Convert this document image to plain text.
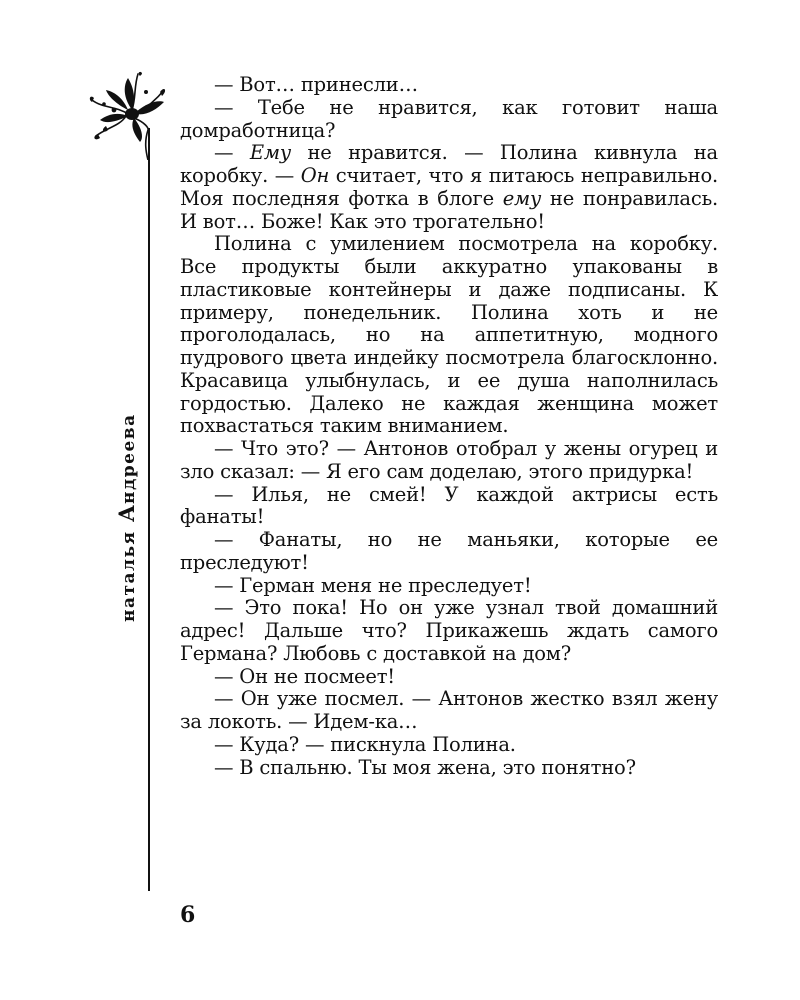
наталья Андреева

— Вот… принесли…

— Тебе не нравится, как готовит наша домработница?

— Ему не нравится. — Полина кивнула на коробку. — Он считает, что я питаюсь неправильно. Моя последняя фотка в блоге ему не понравилась. И вот… Боже! Как это трогательно!

Полина с умилением посмотрела на коробку. Все продукты были аккуратно упакованы в пластиковые контейнеры и даже подписаны. К примеру, понедельник. Полина хоть и не проголодалась, но на аппетитную, модного пудрового цвета индейку посмотрела благосклонно. Красавица улыбнулась, и ее душа наполнилась гордостью. Далеко не каждая женщина может похвастаться таким вниманием.

— Что это? — Антонов отобрал у жены огурец и зло сказал: — Я его сам доделаю, этого придурка!

— Илья, не смей! У каждой актрисы есть фанаты!

— Фанаты, но не маньяки, которые ее преследуют!

— Герман меня не преследует!

— Это пока! Но он уже узнал твой домашний адрес! Дальше что? Прикажешь ждать самого Германа? Любовь с доставкой на дом?

— Он не посмеет!

— Он уже посмел. — Антонов жестко взял жену за локоть. — Идем-ка…

— Куда? — пискнула Полина.

— В спальню. Ты моя жена, это понятно?

6
